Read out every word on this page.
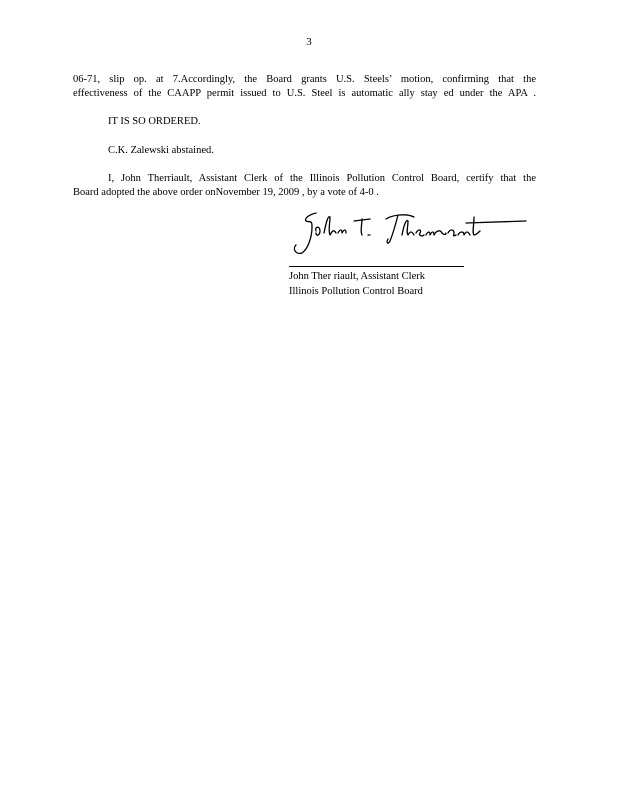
3
06-71, slip op. at 7.Accordingly, the Board grants U.S. Steels’ motion, confirming that the
effectiveness of the CAAPP permit issued to U.S. Steel is automatic ally stay ed under the APA .
IT IS SO ORDERED.
C.K. Zalewski abstained.
I, John Therriault, Assistant Clerk of the Illinois Pollution Control Board, certify that the
Board adopted the above order onNovember 19, 2009 , by a vote of 4-0 .
John Ther riault, Assistant Clerk
Illinois Pollution Control Board
